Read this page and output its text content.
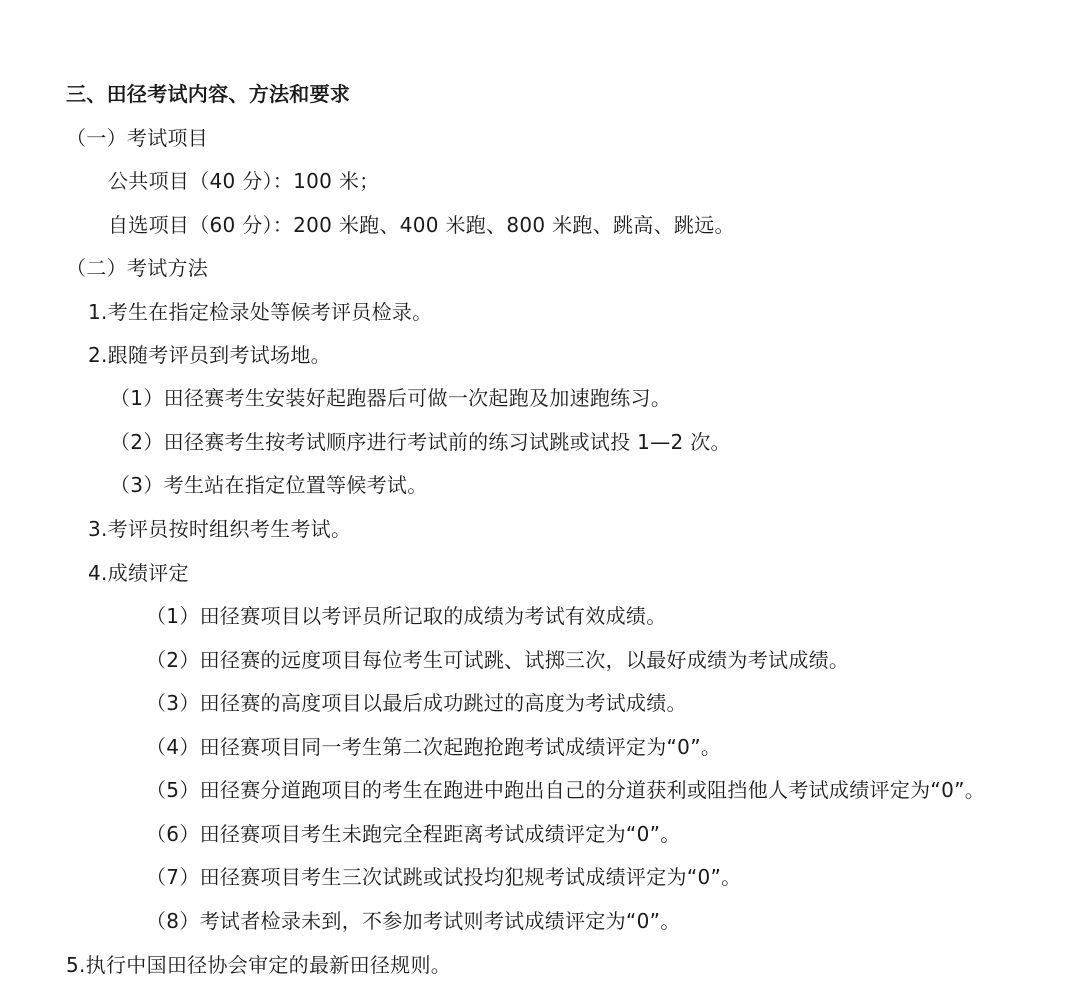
三、田径考试内容、方法和要求
（一）考试项目
公共项目（40 分）：100 米；
自选项目（60 分）：200 米跑、400 米跑、800 米跑、跳高、跳远。
（二）考试方法
1.考生在指定检录处等候考评员检录。
2.跟随考评员到考试场地。
（1）田径赛考生安装好起跑器后可做一次起跑及加速跑练习。
（2）田径赛考生按考试顺序进行考试前的练习试跳或试投 1—2 次。
（3）考生站在指定位置等候考试。
3.考评员按时组织考生考试。
4.成绩评定
（1）田径赛项目以考评员所记取的成绩为考试有效成绩。
（2）田径赛的远度项目每位考生可试跳、试掷三次，以最好成绩为考试成绩。
（3）田径赛的高度项目以最后成功跳过的高度为考试成绩。
（4）田径赛项目同一考生第二次起跑抢跑考试成绩评定为“0”。
（5）田径赛分道跑项目的考生在跑进中跑出自己的分道获利或阻挡他人考试成绩评定为“0”。
（6）田径赛项目考生未跑完全程距离考试成绩评定为“0”。
（7）田径赛项目考生三次试跳或试投均犯规考试成绩评定为“0”。
（8）考试者检录未到，不参加考试则考试成绩评定为“0”。
5.执行中国田径协会审定的最新田径规则。
